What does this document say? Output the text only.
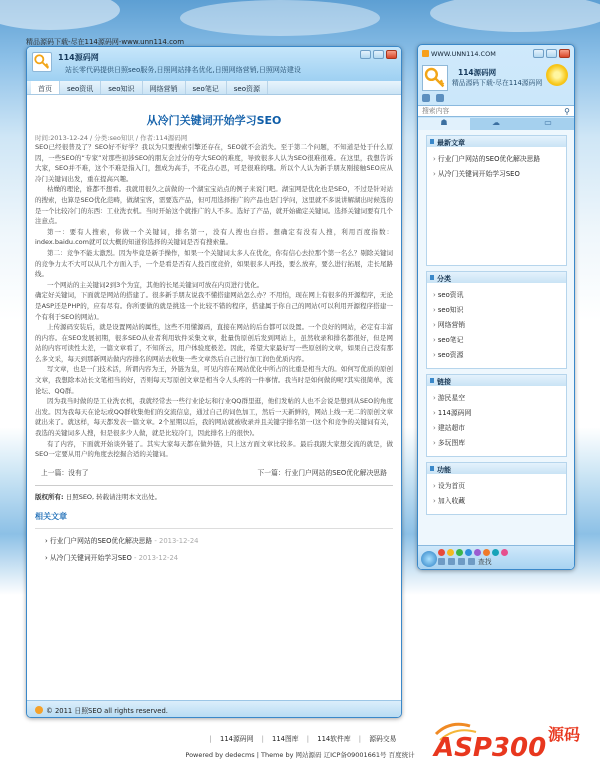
精品源码下载-尽在114源码网-www.unn114.com
114源码网
站长零代码提供日照seo服务,日照网站排名优化,日照网络营销,日照网站建设
首页	seo资讯	seo知识	网络营销	seo笔记	seo资源
从冷门关键词开始学习SEO
时间:2013-12-24 / 分类:seo知识 / 作者:114源码网

SEO已经很普及了？SEO好不好学？我以为只要搜索引擎还存在，SEO就不会消失。至于第二个问题，不知道是处于什么原因，一些SEO的“专家”对那些初涉SEO的朋友会过分的夸大SEO的难度，导致很多人认为SEO很难很难。在这里，我想告诉大家，SEO并不难，这个不难是指入门，想成为高手，不花点心思，可是很难的哦。所以个人认为新手朋友刚接触SEO应从冷门关键词出发，重在提高兴趣。

枯燥的理论，谁都不想看。我就用很久之前做的一个湖宝宝站点的例子来说门吧。湖宝网是优化也是SEO，不过是针对站的搜索，也算是SEO优化范畴，做湖宝客，需要选产品，但可用选择推广的产品也是门学问，这里就不多说讲解湖出时候选的是一个比较冷门的东西：工业洗衣机。当时开始这个就推广的人不多。选好了产品，就开始确定关键词。选择关键词要有几个注意点。

第一：要有人搜索，你做一个关键词，排名第一，没有人搜也白搭。想确定有没有人搜，利用百度指数：index.baidu.com就可以大概的知道你选择的关键词是否有搜索量。

第二：竞争不能太激烈。因为毕竟是新手操作，如果一个关键词太多人在优化，你有信心去拉那个第一名么？剔除关键词的竞争力太不大可以从几个方面入手，一个是看是否有人投百度竞价，如果很多人再投，要么放弃，要么进行拓展，走长尾路线。

一个网站的主关键词2到3个为宜，其他的长尾关键词可放在内页进行优化。

确定好关键词，下面就是网站的搭建了。很多新手朋友说我不懂搭建网站怎么办？不用怕，现在网上有很多的开源程序，无论是ASP还是PHP的，应有尽有。你所要做的就是挑选一个比较不错的程序，搭建属于你自己的网站(可以利用开源程序搭建一个有利于SEO的网站)。

上传源码安装后，就是设置网站的属性，这些不用懂源码，直接在网站的后台都可以设置。一个良好的网站，必定有丰富的内容。在SEO发展初期，很多SEO从业者利用软件采集文章，批量伪原创后发到网站上，虽然收录和排名都很好，但是网站的内容可读性太差，一篇文章看了，不知所云，用户体验度极差。因此，希望大家最好写一些原创的文章，如果自己没有那么多文采，每天到那新网站做内容排名的网站去收集一些文章然后自己进行加工润色优质内容。

写文章，也是一门技术活，所谓内容为王，外链为皇，可见内容在网站优化中所占的比重是相当大的。如何写优质的原创文章，我想除本站长文笔相当的好，否则每天写原创文章是相当令人头疼的一件事情。我当时是如何做的呢?其实很简单，流论坛、QQ群。

因为我当时做的是工业洗衣机，我就经常去一些行业论坛和行业QQ群里逛，他们发帖的人也不会说是想到从SEO的角度出发。因为我每天在论坛或QQ群收集他们的交流信息，通过自己的词色加工，然后一天新鲜的，网站上线一无二的原创文章就出来了。就这样，每天都发表一篇文章。2个星期以后，我的网站就被收录并且关键字排名第一(这个和竞争的关键词有关，我选的关键词多人搜，但是很多少人做，就是比较冷门，因此排名上的很快)。

有了内容，下面就开始谈外链了。其实大家每天都在做外链，只上这方面文章比较多。最后我跟大家想交流的就是，做SEO一定要从用户的角度去挖掘合适的关键词。

上一篇：没有了	下一篇：行业门户网站的SEO优化解决思路
版权所有: 日照SEO, 转载请注明本文出处。
相关文章
› 行业门户网站的SEO优化解决思路 - 2013-12-24
› 从冷门关键词开始学习SEO - 2013-12-24
© 2011 日照SEO all rights reserved.
WWW.UNN114.COM
114源码网
精品源码下载-尽在114源码网
搜索内容
⚲
☗	☁	▭
最新文章
› 行业门户网站的SEO优化解决思路
› 从冷门关键词开始学习SEO
分类
› seo资讯
› seo知识
› 网络营销
› seo笔记
› seo资源
链接
› 游民星空
› 114源码网
› 建站超市
› 多玩图库
功能
› 设为首页
› 加入收藏
查找
| 114源码网 | 114图库 | 114软件库 | 源码交易
Powered by dedecms | Theme by 网站源码 辽ICP备09001661号 百度统计 ASP300 源码
